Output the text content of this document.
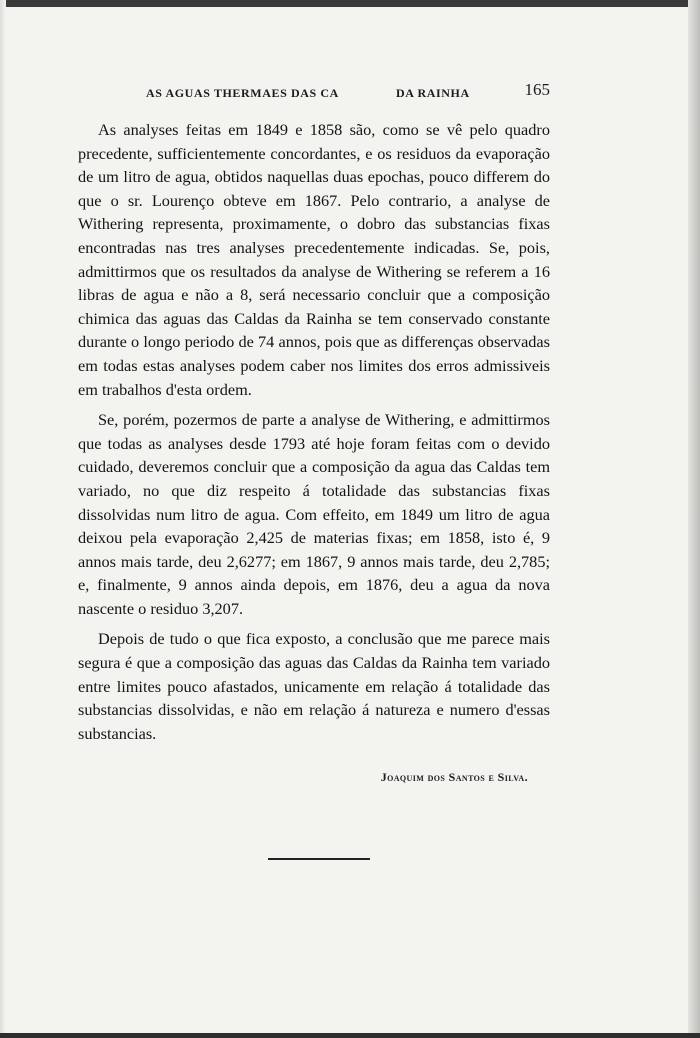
AS AGUAS THERMAES DAS CA	DA RAINHA	165

As analyses feitas em 1849 e 1858 são, como se vê pelo quadro precedente, sufficientemente concordantes, e os residuos da evaporação de um litro de agua, obtidos naquellas duas epochas, pouco differem do que o sr. Lourenço obteve em 1867. Pelo contrario, a analyse de Withering representa, proximamente, o dobro das substancias fixas encontradas nas tres analyses precedentemente indicadas. Se, pois, admittirmos que os resultados da analyse de Withering se referem a 16 libras de agua e não a 8, será necessario concluir que a composição chimica das aguas das Caldas da Rainha se tem conservado constante durante o longo periodo de 74 annos, pois que as differenças observadas em todas estas analyses podem caber nos limites dos erros admissiveis em trabalhos d'esta ordem.

Se, porém, pozermos de parte a analyse de Withering, e admittirmos que todas as analyses desde 1793 até hoje foram feitas com o devido cuidado, deveremos concluir que a composição da agua das Caldas tem variado, no que diz respeito á totalidade das substancias fixas dissolvidas num litro de agua. Com effeito, em 1849 um litro de agua deixou pela evaporação 2,425 de materias fixas; em 1858, isto é, 9 annos mais tarde, deu 2,6277; em 1867, 9 annos mais tarde, deu 2,785; e, finalmente, 9 annos ainda depois, em 1876, deu a agua da nova nascente o residuo 3,207.

Depois de tudo o que fica exposto, a conclusão que me parece mais segura é que a composição das aguas das Caldas da Rainha tem variado entre limites pouco afastados, unicamente em relação á totalidade das substancias dissolvidas, e não em relação á natureza e numero d'essas substancias.

Joaquim dos Santos e Silva.
